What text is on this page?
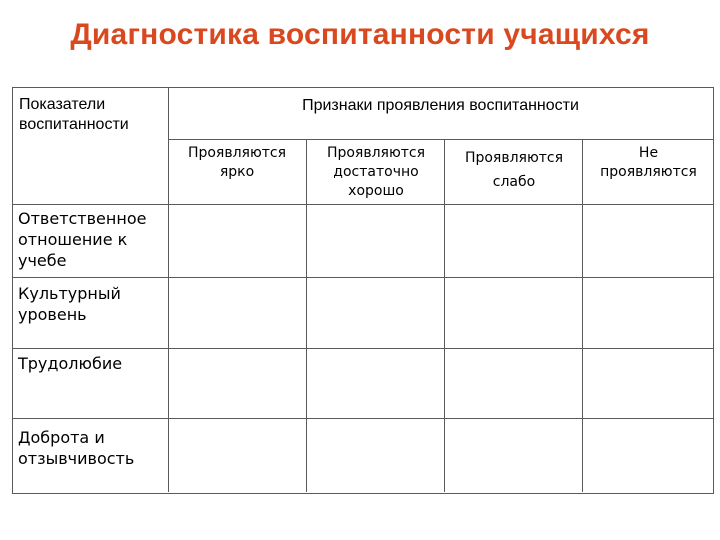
Диагностика воспитанности учащихся
Показатели
воспитанности
Признаки проявления воспитанности
Проявляются
ярко
Проявляются
достаточно
хорошо
Проявляются
слабо
Не
проявляются
Ответственное
отношение к
учебе
Культурный
уровень
Трудолюбие
Доброта и
отзывчивость
